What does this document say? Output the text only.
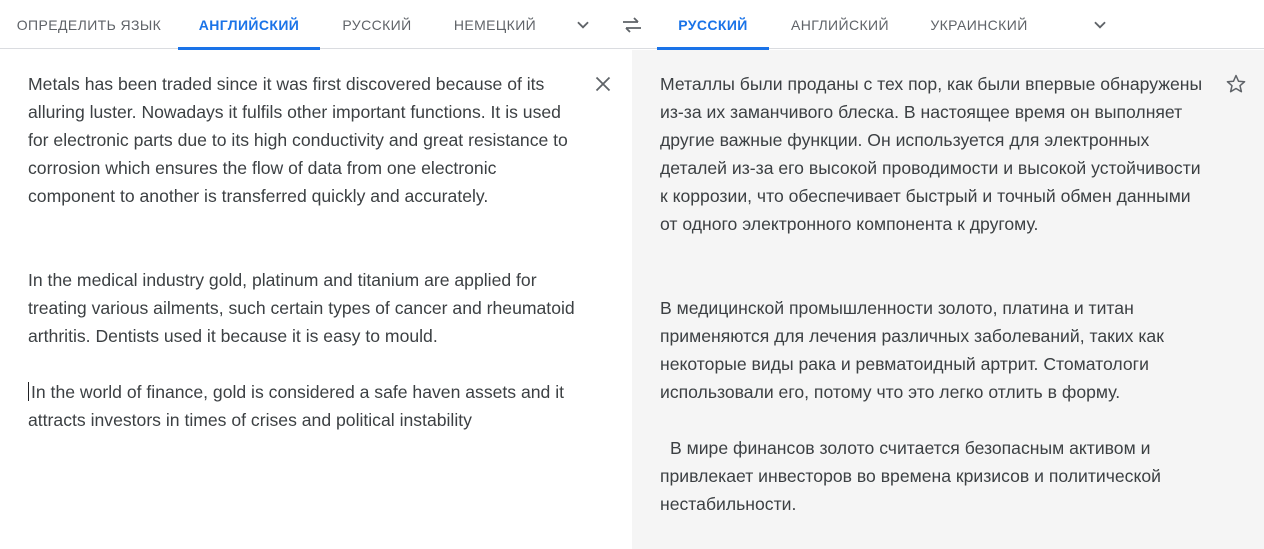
ОПРЕДЕЛИТЬ ЯЗЫК	АНГЛИЙСКИЙ	РУССКИЙ	НЕМЕЦКИЙ	РУССКИЙ	АНГЛИЙСКИЙ	УКРАИНСКИЙ
Metals has been traded since it was first discovered because of its alluring luster. Nowadays it fulfils other important functions. It is used for electronic parts due to its high conductivity and great resistance to corrosion which ensures the flow of data from one electronic component to another is transferred quickly and accurately.
In the medical industry gold, platinum and titanium are applied for treating various ailments, such certain types of cancer and rheumatoid arthritis. Dentists used it because it is easy to mould.
In the world of finance, gold is considered a safe haven assets and it attracts investors in times of crises and political instability
Металлы были проданы с тех пор, как были впервые обнаружены из-за их заманчивого блеска. В настоящее время он выполняет другие важные функции. Он используется для электронных деталей из-за его высокой проводимости и высокой устойчивости к коррозии, что обеспечивает быстрый и точный обмен данными от одного электронного компонента к другому.
В медицинской промышленности золото, платина и титан применяются для лечения различных заболеваний, таких как некоторые виды рака и ревматоидный артрит. Стоматологи использовали его, потому что это легко отлить в форму.
В мире финансов золото считается безопасным активом и привлекает инвесторов во времена кризисов и политической нестабильности.
